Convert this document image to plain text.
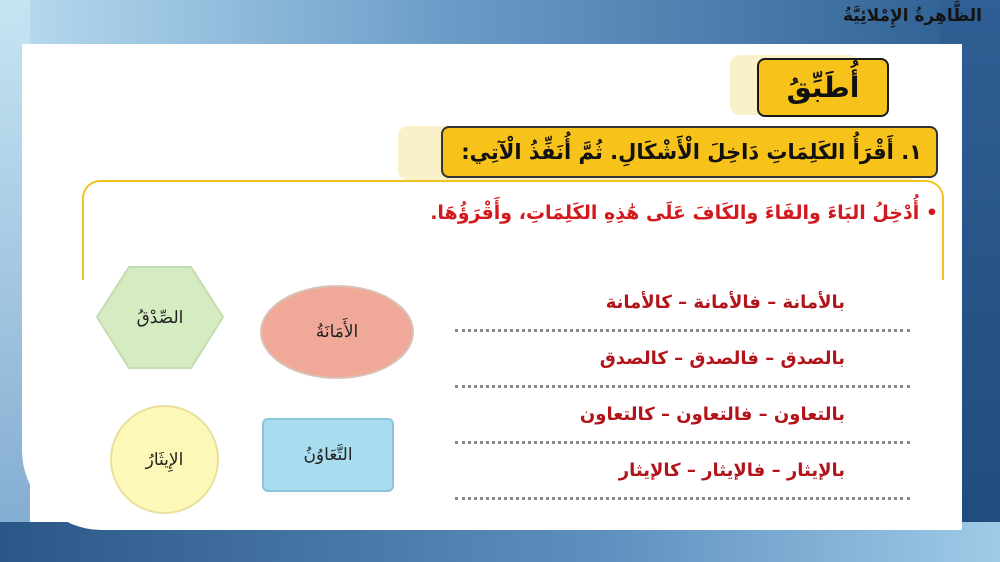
الظَّاهِرةُ الإِمْلائِيَّةُ
أُطَبِّقُ
١. أَقْرَأُ الكَلِمَاتِ دَاخِلَ الْأَشْكَالِ. ثُمَّ أُنَفِّذُ الْآتِي:
• أُدْخِلُ البَاءَ والفَاءَ والكَافَ عَلَى هَٰذِهِ الكَلِمَاتِ، وأَقْرَؤُهَا.
الصِّدْقُ
الأَمَانَةُ
الإِيثَارُ	التَّعَاوُنُ
بالأمانة – فالأمانة – كالأمانة
بالصدق – فالصدق – كالصدق
بالتعاون – فالتعاون – كالتعاون
بالإيثار – فالإيثار – كالإيثار
